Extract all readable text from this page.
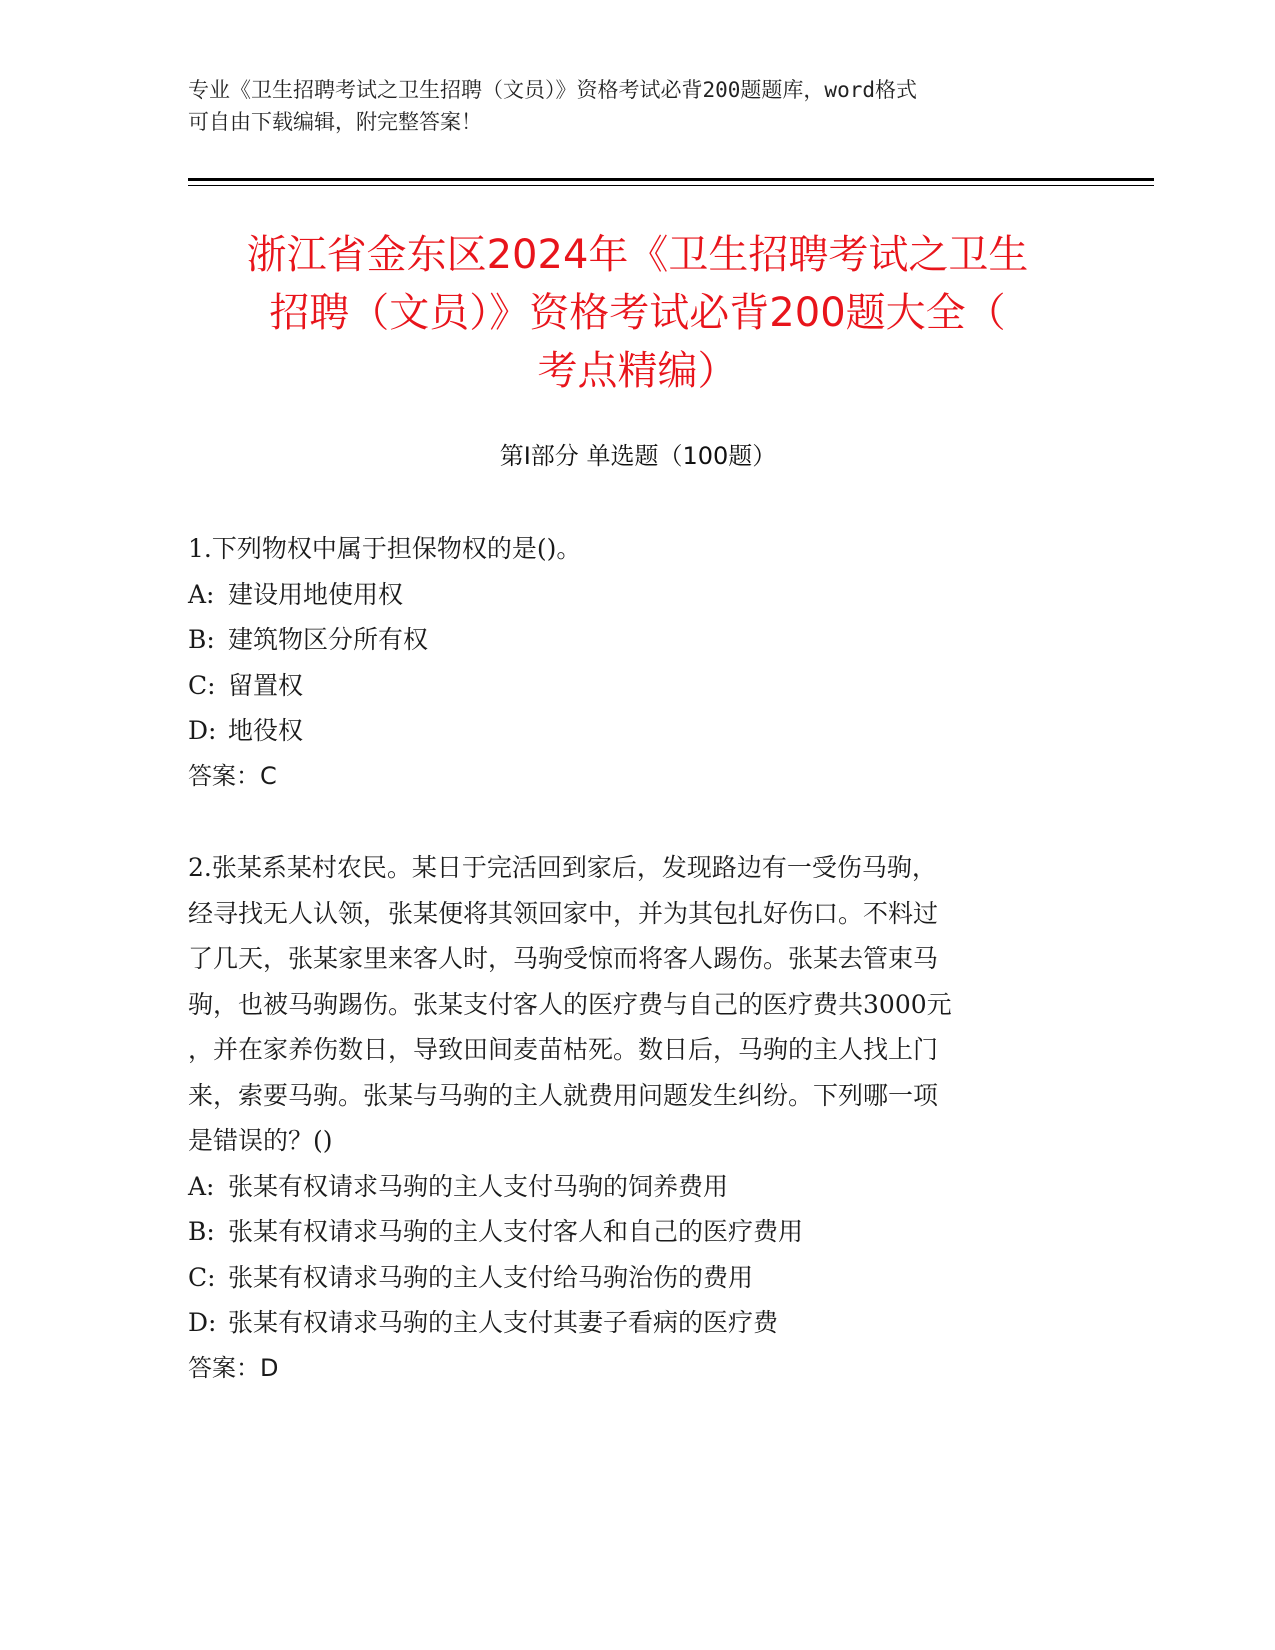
专业《卫生招聘考试之卫生招聘（文员）》资格考试必背200题题库，word格式
可自由下载编辑，附完整答案！
浙江省金东区2024年《卫生招聘考试之卫生
招聘（文员）》资格考试必背200题大全（
考点精编）
第Ⅰ部分 单选题（100题）

1.下列物权中属于担保物权的是()。

A: 建设用地使用权

B: 建筑物区分所有权

C: 留置权

D: 地役权

答案：C

2.张某系某村农民。某日于完活回到家后，发现路边有一受伤马驹，

经寻找无人认领，张某便将其领回家中，并为其包扎好伤口。不料过

了几天，张某家里来客人时，马驹受惊而将客人踢伤。张某去管束马

驹，也被马驹踢伤。张某支付客人的医疗费与自己的医疗费共3000元

，并在家养伤数日，导致田间麦苗枯死。数日后，马驹的主人找上门

来，索要马驹。张某与马驹的主人就费用问题发生纠纷。下列哪一项

是错误的？()

A: 张某有权请求马驹的主人支付马驹的饲养费用

B: 张某有权请求马驹的主人支付客人和自己的医疗费用

C: 张某有权请求马驹的主人支付给马驹治伤的费用

D: 张某有权请求马驹的主人支付其妻子看病的医疗费

答案：D
